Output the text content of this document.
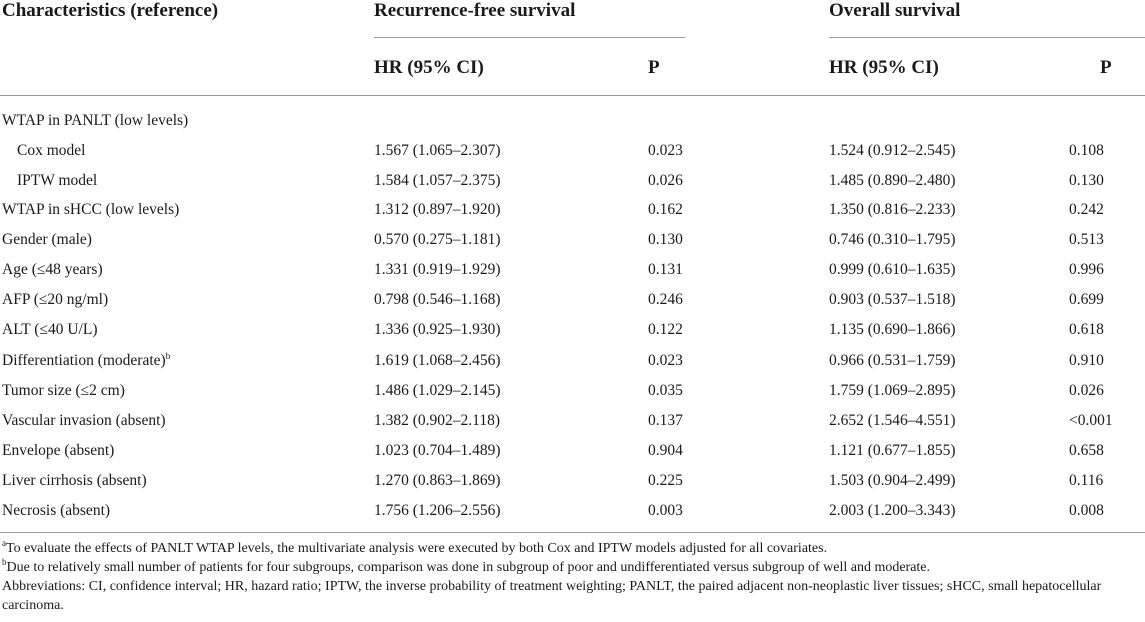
Characteristics (reference)	Recurrence-free survival	Overall survival
HR (95% CI)	P	HR (95% CI)	P
WTAP in PANLT (low levels)
Cox model	1.567 (1.065–2.307)	0.023	1.524 (0.912–2.545)	0.108
IPTW model	1.584 (1.057–2.375)	0.026	1.485 (0.890–2.480)	0.130
WTAP in sHCC (low levels)	1.312 (0.897–1.920)	0.162	1.350 (0.816–2.233)	0.242
Gender (male)	0.570 (0.275–1.181)	0.130	0.746 (0.310–1.795)	0.513
Age (≤48 years)	1.331 (0.919–1.929)	0.131	0.999 (0.610–1.635)	0.996
AFP (≤20 ng/ml)	0.798 (0.546–1.168)	0.246	0.903 (0.537–1.518)	0.699
ALT (≤40 U/L)	1.336 (0.925–1.930)	0.122	1.135 (0.690–1.866)	0.618
Differentiation (moderate)$^b$	1.619 (1.068–2.456)	0.023	0.966 (0.531–1.759)	0.910
Tumor size (≤2 cm)	1.486 (1.029–2.145)	0.035	1.759 (1.069–2.895)	0.026
Vascular invasion (absent)	1.382 (0.902–2.118)	0.137	2.652 (1.546–4.551)	<0.001
Envelope (absent)	1.023 (0.704–1.489)	0.904	1.121 (0.677–1.855)	0.658
Liver cirrhosis (absent)	1.270 (0.863–1.869)	0.225	1.503 (0.904–2.499)	0.116
Necrosis (absent)	1.756 (1.206–2.556)	0.003	2.003 (1.200–3.343)	0.008

$^a$To evaluate the effects of PANLT WTAP levels, the multivariate analysis were executed by both Cox and IPTW models adjusted for all covariates.

$^b$Due to relatively small number of patients for four subgroups, comparison was done in subgroup of poor and undifferentiated versus subgroup of well and moderate.

Abbreviations: CI, confidence interval; HR, hazard ratio; IPTW, the inverse probability of treatment weighting; PANLT, the paired adjacent non-neoplastic liver tissues; sHCC, small hepatocellular carcinoma.
